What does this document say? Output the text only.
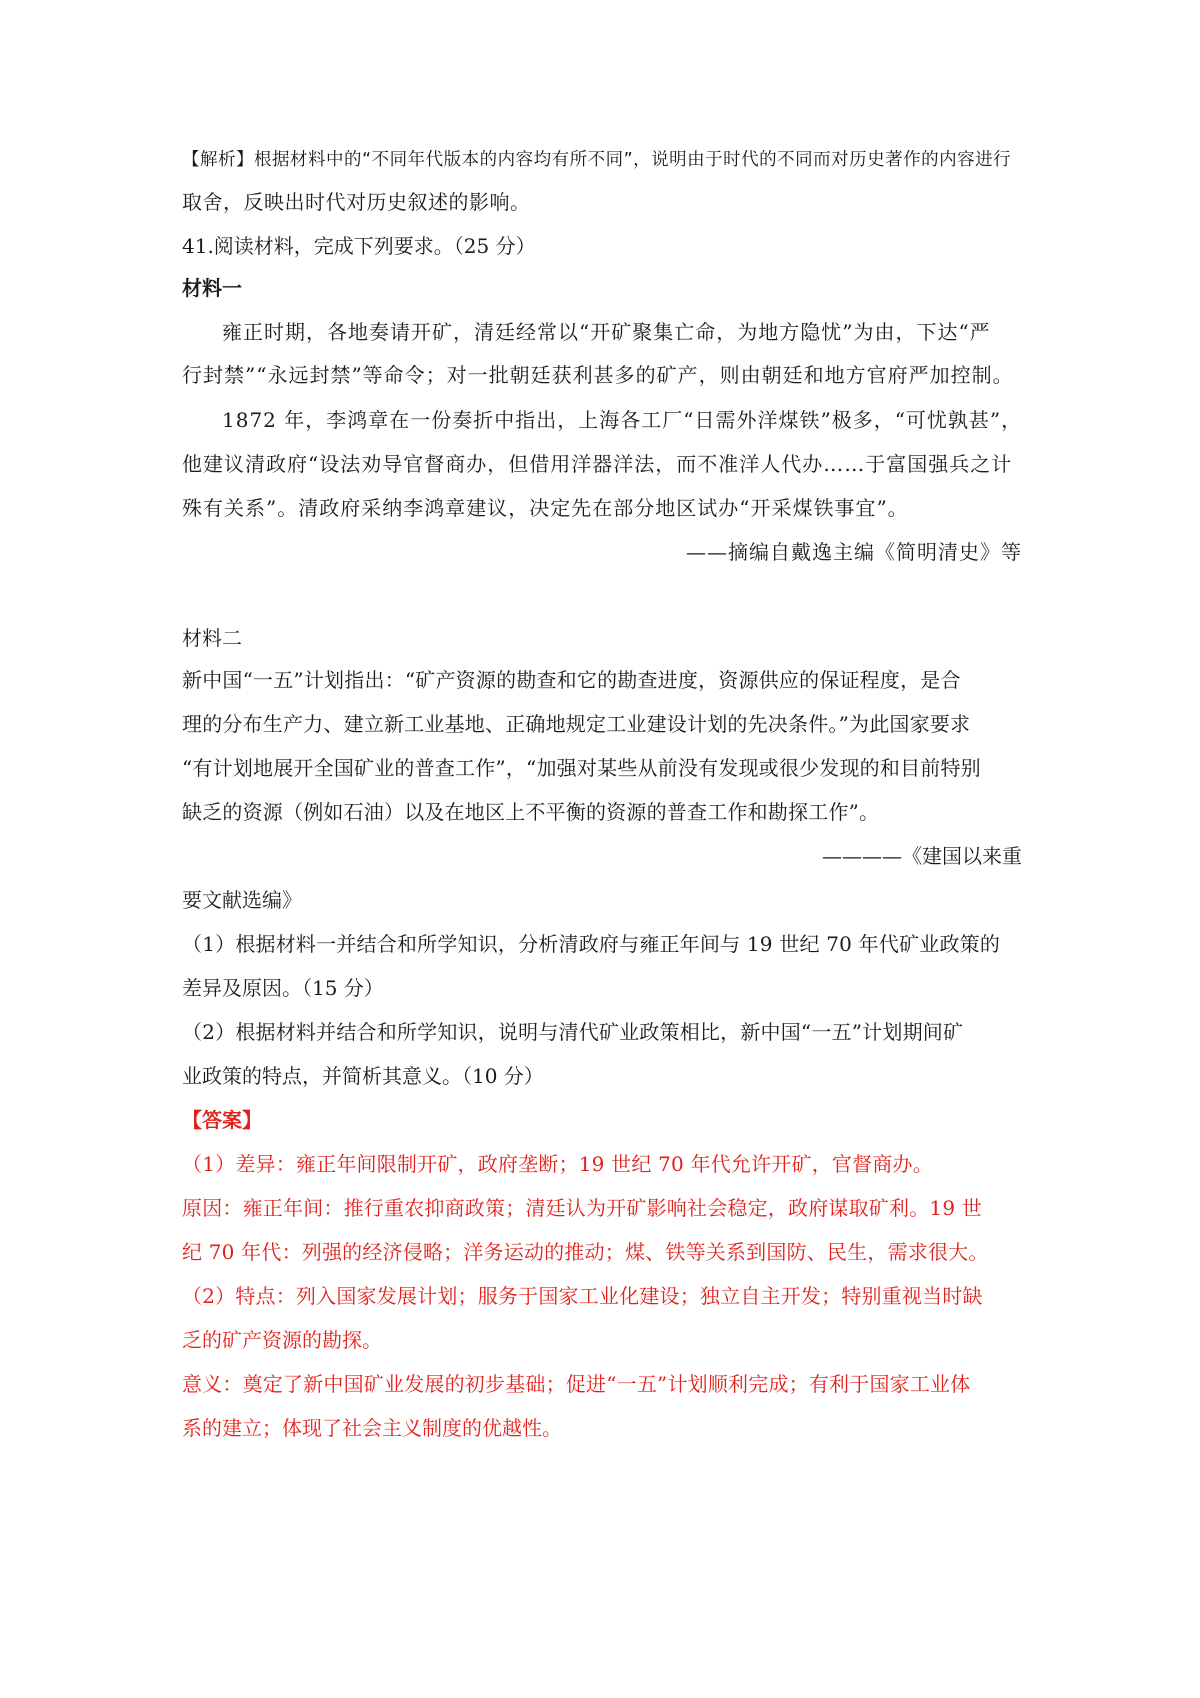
【解析】根据材料中的“不同年代版本的内容均有所不同”，说明由于时代的不同而对历史著作的内容进行
取舍，反映出时代对历史叙述的影响。
41.阅读材料，完成下列要求。（25 分）
材料一
雍正时期，各地奏请开矿，清廷经常以“开矿聚集亡命，为地方隐忧”为由，下达“严
行封禁”“永远封禁”等命令；对一批朝廷获利甚多的矿产，则由朝廷和地方官府严加控制。
1872 年，李鸿章在一份奏折中指出，上海各工厂“日需外洋煤铁”极多，“可忧孰甚”，
他建议清政府“设法劝导官督商办，但借用洋器洋法，而不准洋人代办……于富国强兵之计
殊有关系”。清政府采纳李鸿章建议，决定先在部分地区试办“开采煤铁事宜”。
——摘编自戴逸主编《简明清史》等
材料二
新中国“一五”计划指出：“矿产资源的勘查和它的勘查进度，资源供应的保证程度，是合
理的分布生产力、建立新工业基地、正确地规定工业建设计划的先决条件。”为此国家要求
“有计划地展开全国矿业的普查工作”，“加强对某些从前没有发现或很少发现的和目前特别
缺乏的资源（例如石油）以及在地区上不平衡的资源的普查工作和勘探工作”。
————《建国以来重
要文献选编》
（1）根据材料一并结合和所学知识，分析清政府与雍正年间与 19 世纪 70 年代矿业政策的
差异及原因。（15 分）
（2）根据材料并结合和所学知识，说明与清代矿业政策相比，新中国“一五”计划期间矿
业政策的特点，并简析其意义。（10 分）
【答案】
（1）差异：雍正年间限制开矿，政府垄断；19 世纪 70 年代允许开矿，官督商办。
原因：雍正年间：推行重农抑商政策；清廷认为开矿影响社会稳定，政府谋取矿利。19 世
纪 70 年代：列强的经济侵略；洋务运动的推动；煤、铁等关系到国防、民生，需求很大。
（2）特点：列入国家发展计划；服务于国家工业化建设；独立自主开发；特别重视当时缺
乏的矿产资源的勘探。
意义：奠定了新中国矿业发展的初步基础；促进“一五”计划顺利完成；有利于国家工业体
系的建立；体现了社会主义制度的优越性。
